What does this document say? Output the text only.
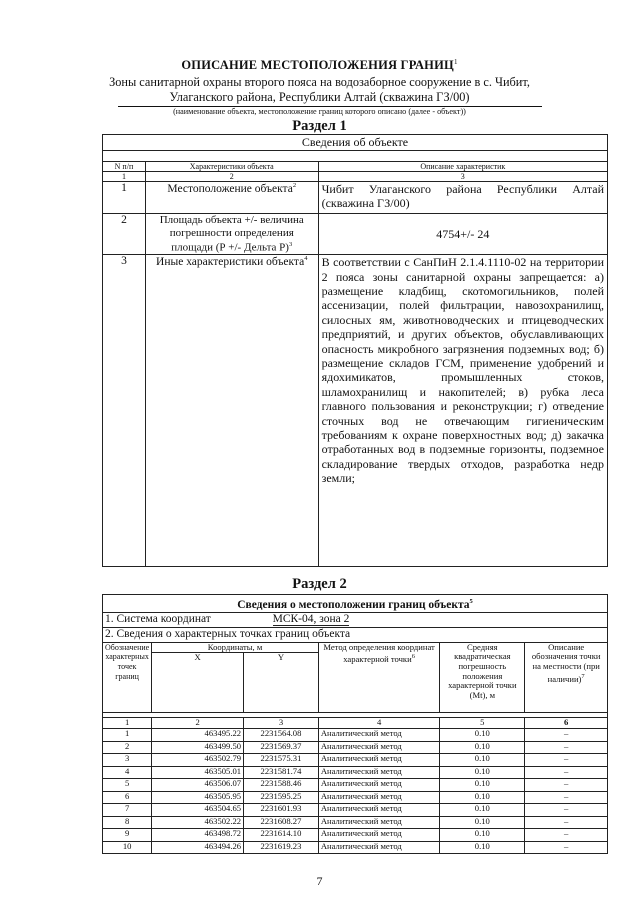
ОПИСАНИЕ МЕСТОПОЛОЖЕНИЯ ГРАНИЦ$^1$
Зоны санитарной охраны второго пояса на водозаборное сооружение в с. Чибит,
Улаганского района, Республики Алтай (скважина ГЗ/00)
(наименование объекта, местоположение границ которого описано (далее - объект))
Раздел 1
Сведения об объекте		

N п/п	Характеристики объекта	Описание характеристик
1	2	3
1	Местоположение объекта$^2$	Чибит Улаганского района Республики Алтай (скважина ГЗ/00)
2	Площадь объекта +/- величина погрешности определения площади (Р +/- Дельта Р)$^3$	4754+/- 24
3	Иные характеристики объекта$^4$	В соответствии с СанПиН 2.1.4.1110-02 на территории 2 пояса зоны санитарной охраны запрещается: а) размещение кладбищ, скотомогильников, полей ассенизации, полей фильтрации, навозохранилищ, силосных ям, животноводческих и птицеводческих предприятий, и других объектов, обуславливающих опасность микробного загрязнения подземных вод; б) размещение складов ГСМ, применение удобрений и ядохимикатов, промышленных стоков, шламохранилищ и накопителей; в) рубка леса главного пользования и реконструкции; г) отведение сточных вод не отвечающим гигиеническим требованиям к охране поверхностных вод; д) закачка отработанных вод в подземные горизонты, подземное складирование твердых отходов, разработка недр земли;
Раздел 2
Сведения о местоположении границ объекта$^5$
1. Система координат МСК-04, зона 2					
2. Сведения о характерных точках границ объекта					
Обозначение характерных точек границ	Координаты, м		Метод определения координат характерной точки$^6$	Средняя квадратическая погрешность положения характерной точки (Mt), м	Описание обозначения точки на местности (при наличии)$^7$
	X	Y			

1	2	3	4	5	6
1	463495.22	2231564.08	Аналитический метод	0.10	–
2	463499.50	2231569.37	Аналитический метод	0.10	–
3	463502.79	2231575.31	Аналитический метод	0.10	–
4	463505.01	2231581.74	Аналитический метод	0.10	–
5	463506.07	2231588.46	Аналитический метод	0.10	–
6	463505.95	2231595.25	Аналитический метод	0.10	–
7	463504.65	2231601.93	Аналитический метод	0.10	–
8	463502.22	2231608.27	Аналитический метод	0.10	–
9	463498.72	2231614.10	Аналитический метод	0.10	–
10	463494.26	2231619.23	Аналитический метод	0.10	–
7
